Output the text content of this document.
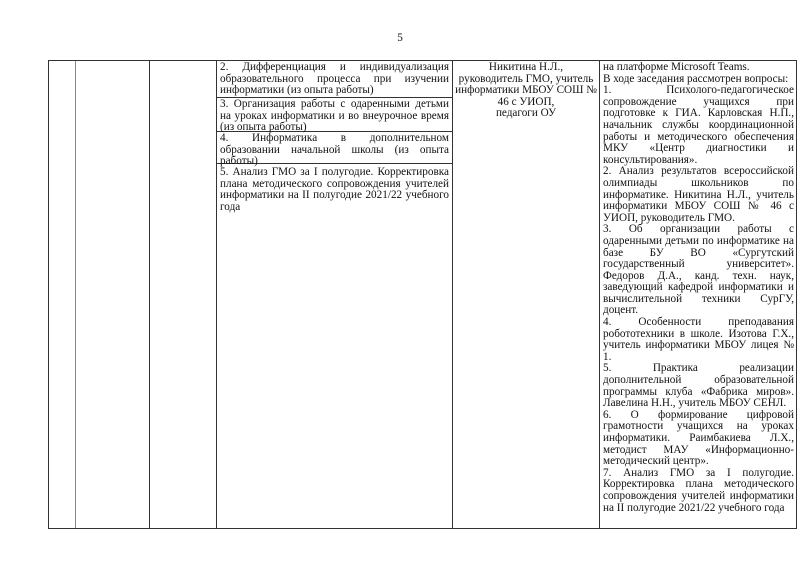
5
2. Дифференциация и индивидуализация образовательного процесса при изучении информатики (из опыта работы)
3. Организация работы с одаренными детьми на уроках информатики и во внеурочное время (из опыта работы)
4. Информатика в дополнительном образовании начальной школы (из опыта работы)
5. Анализ ГМО за I полугодие. Корректировка плана методического сопровождения учителей информатики на II полугодие 2021/22 учебного года
Никитина Н.Л.,
руководитель ГМО, учитель
информатики МБОУ СОШ №
46 с УИОП,
педагоги ОУ

на платформе Microsoft Teams.

В ходе заседания рассмотрен вопросы:

1. Психолого-педагогическое сопровождение учащихся при подготовке к ГИА. Карловская Н.П., начальник службы координационной работы и методического обеспечения МКУ «Центр диагностики и консультирования».

2. Анализ результатов всероссийской олимпиады школьников по информатике. Никитина Н.Л., учитель информатики МБОУ СОШ № 46 с УИОП, руководитель ГМО.

3. Об организации работы с одаренными детьми по информатике на базе БУ ВО «Сургутский государственный университет». Федоров Д.А., канд. техн. наук, заведующий кафедрой информатики и вычислительной техники СурГУ, доцент.

4. Особенности преподавания робототехники в школе. Изотова Г.Х., учитель информатики МБОУ лицея № 1.

5. Практика реализации дополнительной образовательной программы клуба «Фабрика миров». Лавелина Н.Н., учитель МБОУ СЕНЛ.

6. О формирование цифровой грамотности учащихся на уроках информатики. Раимбакиева Л.Х., методист МАУ «Информационно-методический центр».

7. Анализ ГМО за I полугодие. Корректировка плана методического сопровождения учителей информатики на II полугодие 2021/22 учебного года
